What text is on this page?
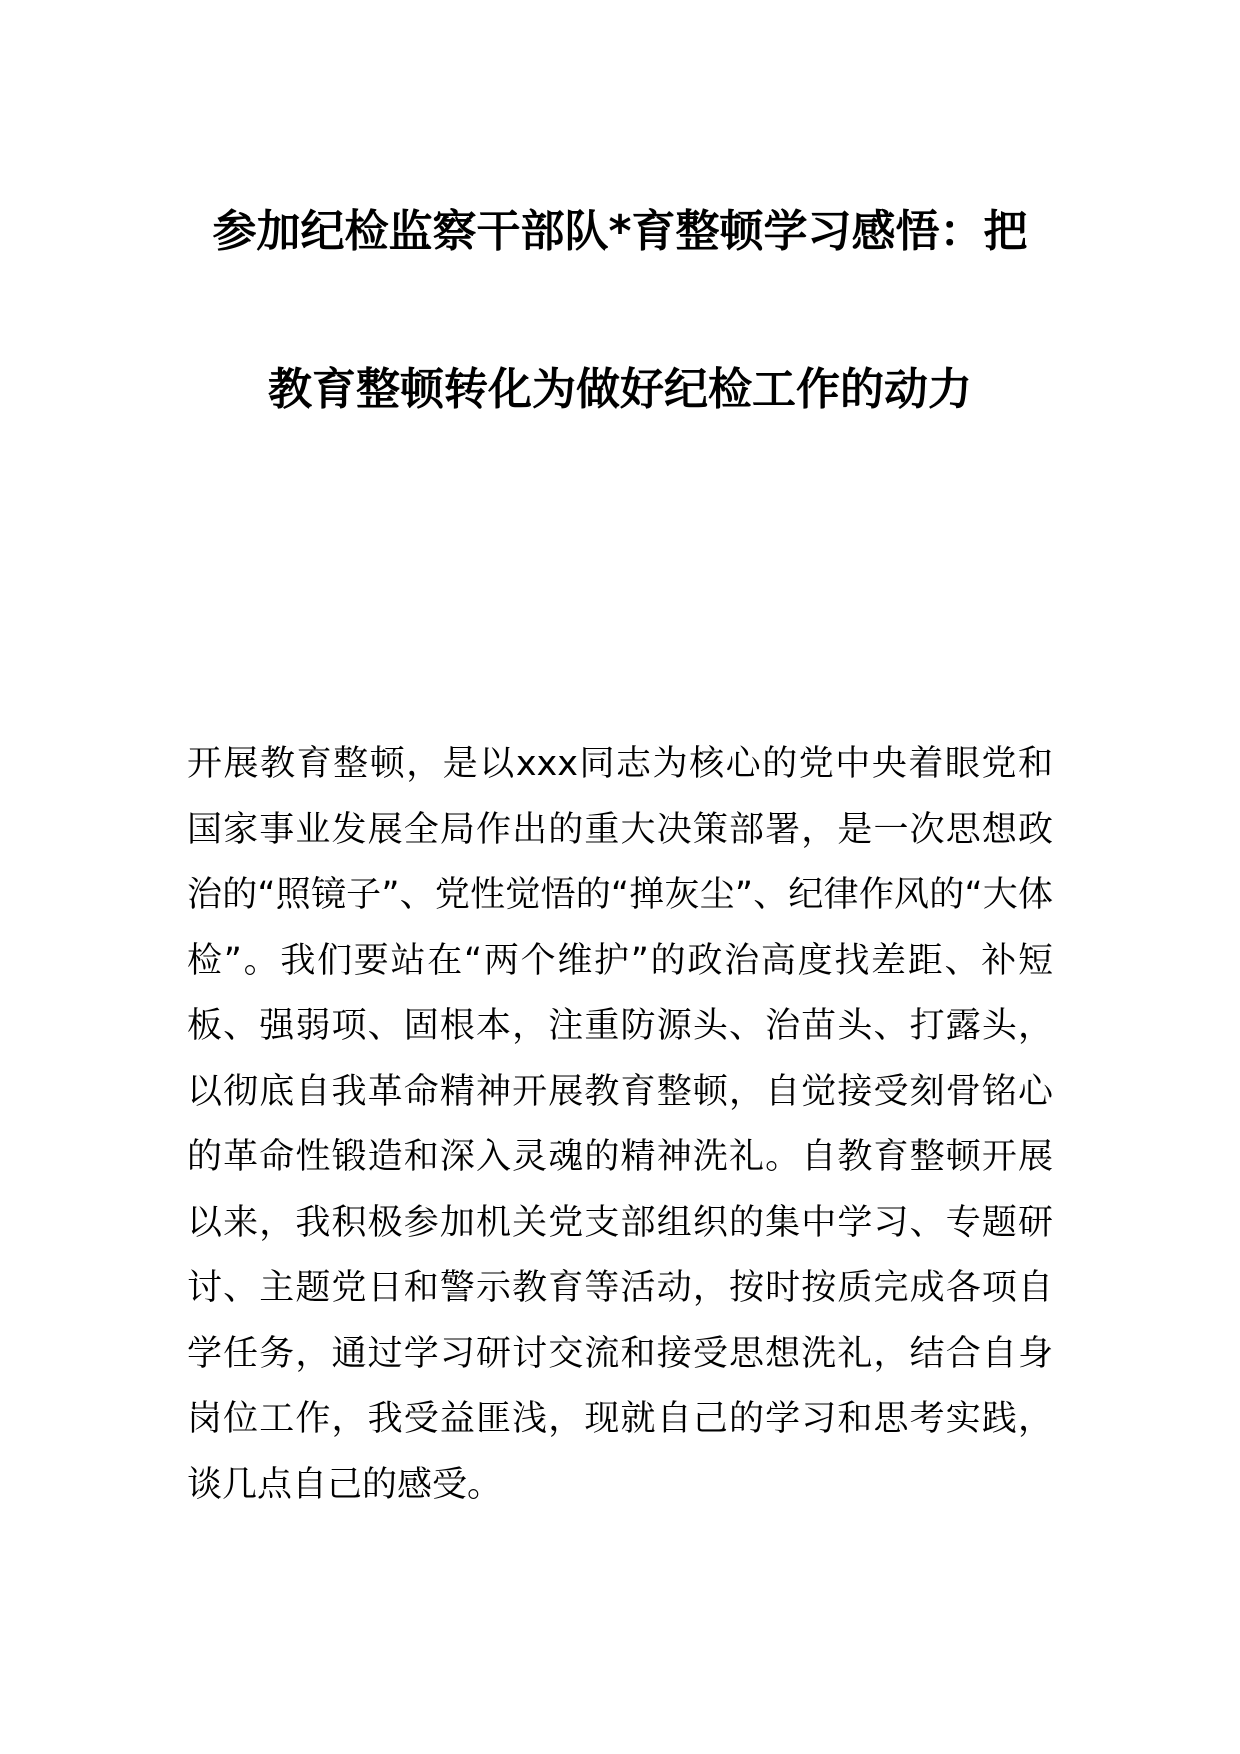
参加纪检监察干部队*育整顿学习感悟：把
教育整顿转化为做好纪检工作的动力

开展教育整顿，是以xxx同志为核心的党中央着眼党和国家事业发展全局作出的重大决策部署，是一次思想政治的“照镜子”、党性觉悟的“掸灰尘”、纪律作风的“大体检”。我们要站在“两个维护”的政治高度找差距、补短板、强弱项、固根本，注重防源头、治苗头、打露头，以彻底自我革命精神开展教育整顿，自觉接受刻骨铭心的革命性锻造和深入灵魂的精神洗礼。自教育整顿开展以来，我积极参加机关党支部组织的集中学习、专题研讨、主题党日和警示教育等活动，按时按质完成各项自学任务，通过学习研讨交流和接受思想洗礼，结合自身岗位工作，我受益匪浅，现就自己的学习和思考实践，谈几点自己的感受。
